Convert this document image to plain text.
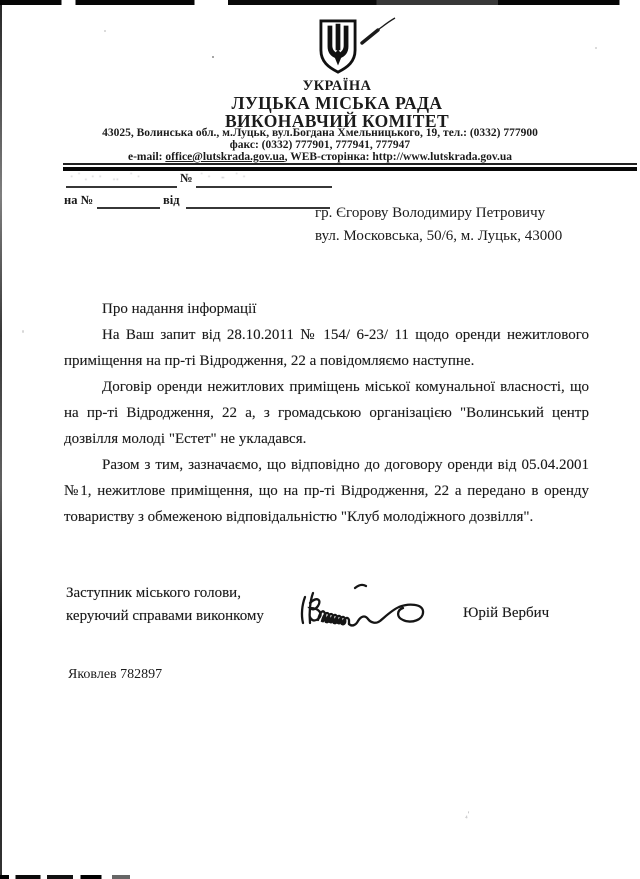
₄′
УКРАЇНА
ЛУЦЬКА МІСЬКА РАДА
ВИКОНАВЧИЙ КОМІТЕТ
43025, Волинська обл., м.Луцьк, вул.Богдана Хмельницького, 19, тел.: (0332) 777900
факс: (0332) 777901, 777941, 777947
e-mail: office@lutskrada.gov.ua, WEB-сторінка: http://www.lutskrada.gov.ua
·˙.·· ‥ ˙·	№ ˙· ‐ ˙·
на №	від
гр. Єгорову Володимиру Петровичу
вул. Московська, 50/6, м. Луцьк, 43000

Про надання інформації

На Ваш запит від 28.10.2011 № 154/ 6-23/ 11 щодо оренди нежитлового приміщення на пр-ті Відродження, 22 а повідомляємо наступне.

Договір оренди нежитлових приміщень міської комунальної власності, що на пр-ті Відродження, 22 а, з громадською організацією "Волинський центр дозвілля молоді "Естет" не укладався.

Разом з тим, зазначаємо, що відповідно до договору оренди від 05.04.2001 №1, нежитлове приміщення, що на пр-ті Відродження, 22 а передано в оренду товариству з обмеженою відповідальністю "Клуб молодіжного дозвілля".

Заступник міського голови,
керуючий справами виконкому	Юрій Вербич
Яковлев 782897
